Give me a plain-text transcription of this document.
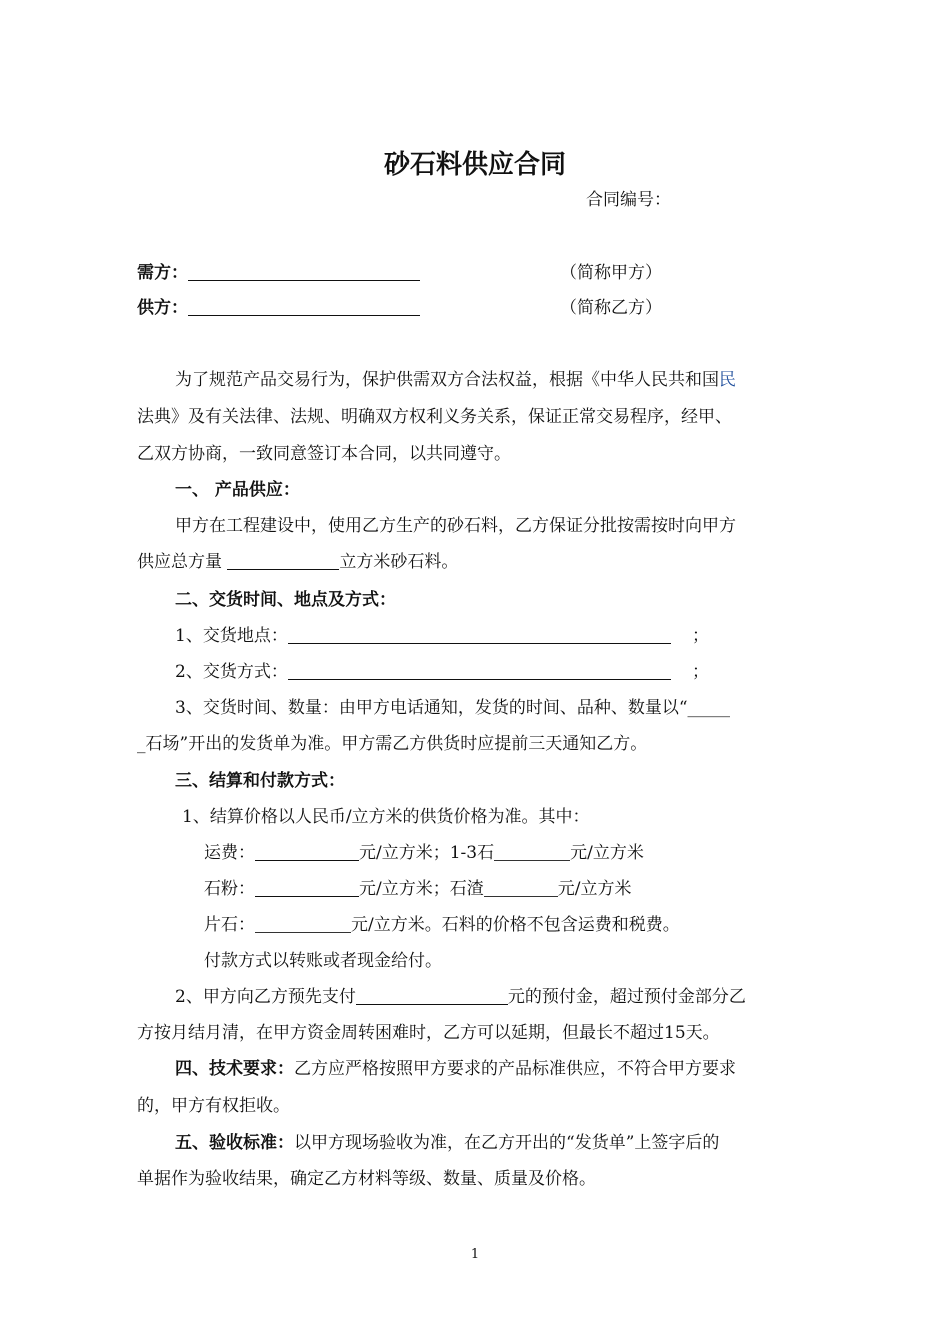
砂石料供应合同
合同编号：
需方：	（简称甲方）
供方：	（简称乙方）
为了规范产品交易行为，保护供需双方合法权益，根据《中华人民共和国民
法典》及有关法律、法规、明确双方权利义务关系，保证正常交易程序，经甲、
乙双方协商，一致同意签订本合同，以共同遵守。
一、 产品供应：
甲方在工程建设中，使用乙方生产的砂石料，乙方保证分批按需按时向甲方
供应总方量	立方米砂石料。
二、交货时间、地点及方式：
1、交货地点：	；
2、交货方式：	；
3、交货时间、数量：由甲方电话通知，发货的时间、品种、数量以“_____
_石场”开出的发货单为准。甲方需乙方供货时应提前三天通知乙方。
三、结算和付款方式：
1、结算价格以人民币/立方米的供货价格为准。其中：
运费：	元/立方米；1-3石	元/立方米
石粉：	元/立方米；石渣	元/立方米
片石：	元/立方米。石料的价格不包含运费和税费。
付款方式以转账或者现金给付。
2、甲方向乙方预先支付	元的预付金，超过预付金部分乙
方按月结月清，在甲方资金周转困难时，乙方可以延期，但最长不超过15天。
四、技术要求：乙方应严格按照甲方要求的产品标准供应，不符合甲方要求
的，甲方有权拒收。
五、验收标准：以甲方现场验收为准，在乙方开出的“发货单”上签字后的
单据作为验收结果，确定乙方材料等级、数量、质量及价格。
1
